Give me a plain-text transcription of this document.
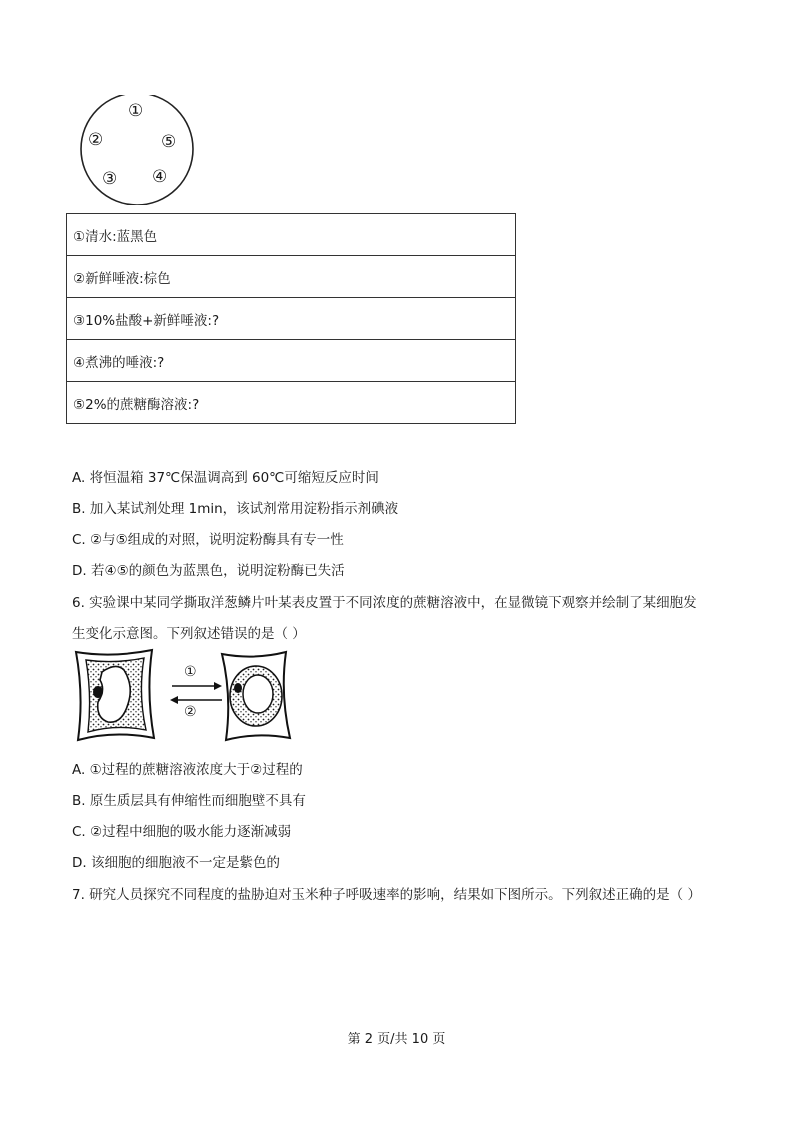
①
②
③ ④
⑤
①清水:蓝黑色
②新鲜唾液:棕色
③10%盐酸+新鲜唾液:?
④煮沸的唾液:?
⑤2%的蔗糖酶溶液:?
A. 将恒温箱 37℃保温调高到 60℃可缩短反应时间
B. 加入某试剂处理 1min，该试剂常用淀粉指示剂碘液
C. ②与⑤组成的对照，说明淀粉酶具有专一性
D. 若④⑤的颜色为蓝黑色，说明淀粉酶已失活
6. 实验课中某同学撕取洋葱鳞片叶某表皮置于不同浓度的蔗糖溶液中，在显微镜下观察并绘制了某细胞发
生变化示意图。下列叙述错误的是（ ）
①
②
A. ①过程的蔗糖溶液浓度大于②过程的
B. 原生质层具有伸缩性而细胞壁不具有
C. ②过程中细胞的吸水能力逐渐减弱
D. 该细胞的细胞液不一定是紫色的
7. 研究人员探究不同程度的盐胁迫对玉米种子呼吸速率的影响，结果如下图所示。下列叙述正确的是（ ）
第 2 页/共 10 页
